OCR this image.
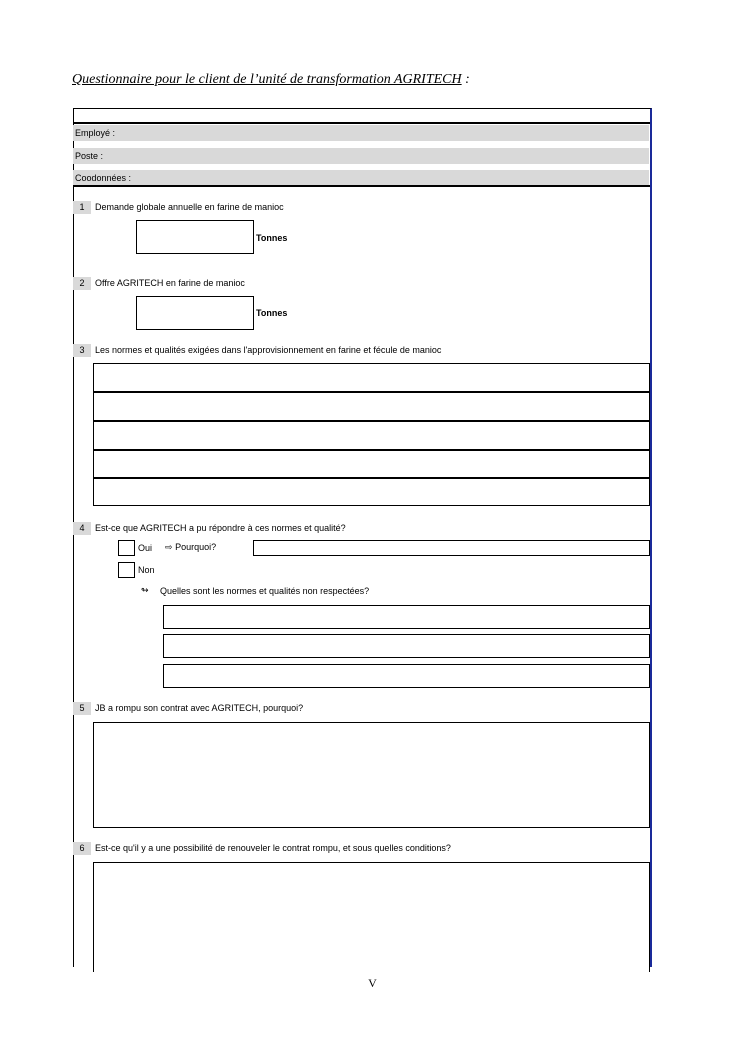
Questionnaire pour le client de l’unité de transformation AGRITECH :
Employé :
Poste :
Coodonnées :
1	Demande globale annuelle en farine de manioc
Tonnes
2	Offre AGRITECH en farine de manioc
Tonnes
3	Les normes et qualités exigées dans l'approvisionnement en farine et fécule de manioc
4	Est-ce que AGRITECH a pu répondre à ces normes et qualité?
Oui ⇨ Pourquoi?
Non
↬ Quelles sont les normes et qualités non respectées?
5	JB a rompu son contrat avec AGRITECH, pourquoi?
6	Est-ce qu'il y a une possibilité de renouveler le contrat rompu, et sous quelles conditions?
V
